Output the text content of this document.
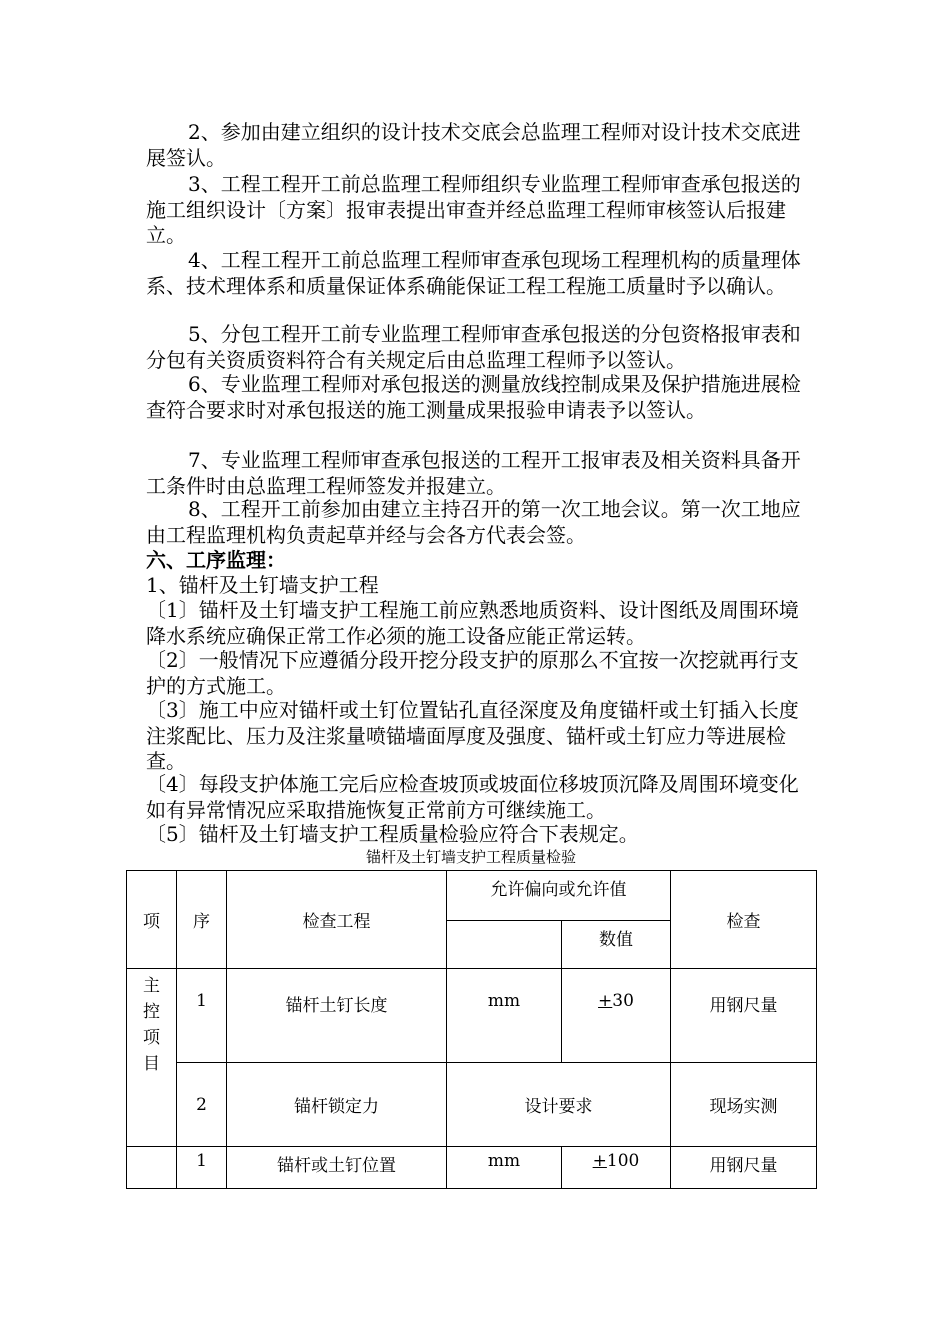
2、参加由建立组织的设计技术交底会总监理工程师对设计技术交底进展签认。

3、工程工程开工前总监理工程师组织专业监理工程师审查承包报送的施工组织设计〔方案〕报审表提出审查并经总监理工程师审核签认后报建立。

4、工程工程开工前总监理工程师审查承包现场工程理机构的质量理体系、技术理体系和质量保证体系确能保证工程工程施工质量时予以确认。

5、分包工程开工前专业监理工程师审查承包报送的分包资格报审表和分包有关资质资料符合有关规定后由总监理工程师予以签认。

6、专业监理工程师对承包报送的测量放线控制成果及保护措施进展检查符合要求时对承包报送的施工测量成果报验申请表予以签认。

7、专业监理工程师审查承包报送的工程开工报审表及相关资料具备开工条件时由总监理工程师签发并报建立。

8、工程开工前参加由建立主持召开的第一次工地会议。第一次工地应由工程监理机构负责起草并经与会各方代表会签。

六、工序监理：

1、锚杆及土钉墙支护工程

〔1〕锚杆及土钉墙支护工程施工前应熟悉地质资料、设计图纸及周围环境降水系统应确保正常工作必须的施工设备应能正常运转。

〔2〕一般情况下应遵循分段开挖分段支护的原那么不宜按一次挖就再行支护的方式施工。

〔3〕施工中应对锚杆或土钉位置钻孔直径深度及角度锚杆或土钉插入长度注浆配比、压力及注浆量喷锚墙面厚度及强度、锚杆或土钉应力等进展检查。

〔4〕每段支护体施工完后应检查坡顶或坡面位移坡顶沉降及周围环境变化如有异常情况应采取措施恢复正常前方可继续施工。

〔5〕锚杆及土钉墙支护工程质量检验应符合下表规定。

锚杆及土钉墙支护工程质量检验
项	序	检查工程	允许偏向或允许值		检查
				数值	
主控项目	1	锚杆土钉长度	mm	+30	用钢尺量
	2	锚杆锁定力	设计要求		现场实测
	1	锚杆或土钉位置	mm	+100	用钢尺量
